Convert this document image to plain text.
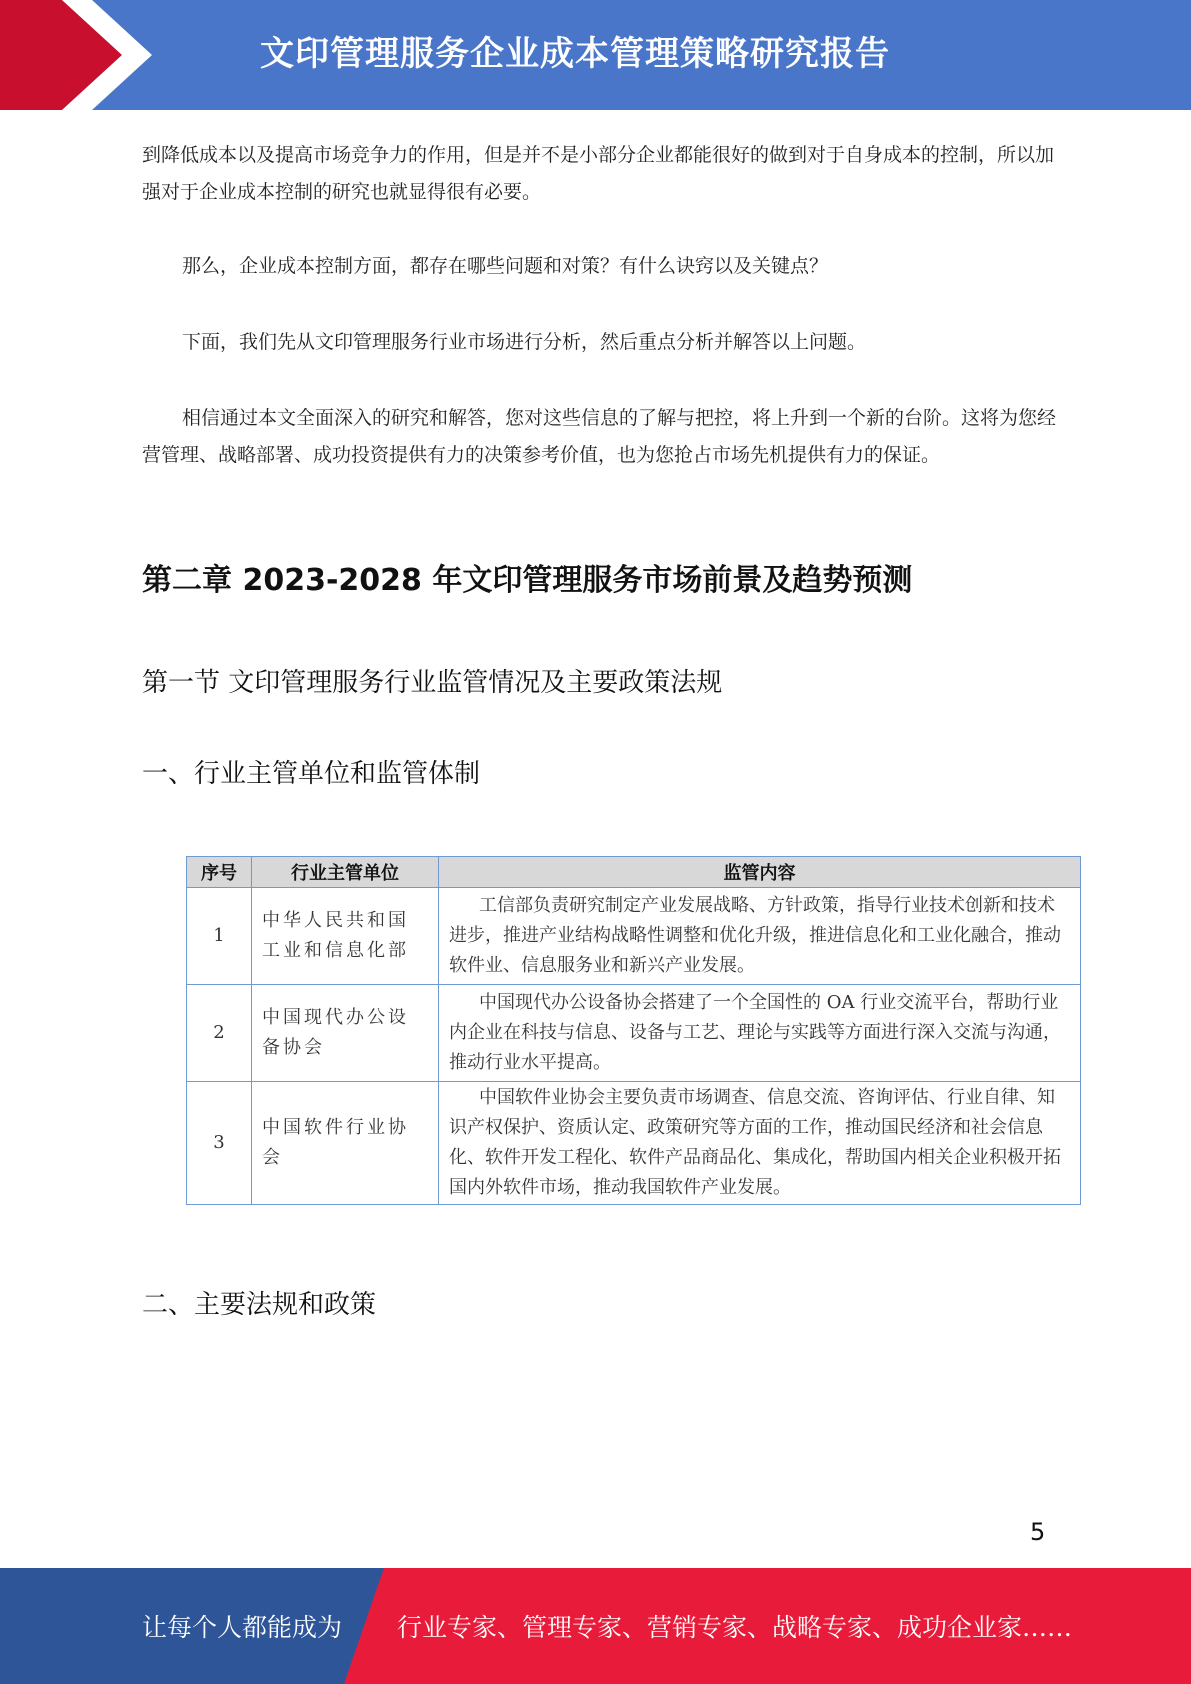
文印管理服务企业成本管理策略研究报告

到降低成本以及提高市场竞争力的作用，但是并不是小部分企业都能很好的做到对于自身成本的控制，所以加强对于企业成本控制的研究也就显得很有必要。

那么，企业成本控制方面，都存在哪些问题和对策？有什么诀窍以及关键点？

下面，我们先从文印管理服务行业市场进行分析，然后重点分析并解答以上问题。

相信通过本文全面深入的研究和解答，您对这些信息的了解与把控，将上升到一个新的台阶。这将为您经营管理、战略部署、成功投资提供有力的决策参考价值，也为您抢占市场先机提供有力的保证。

第二章 2023-2028 年文印管理服务市场前景及趋势预测
第一节 文印管理服务行业监管情况及主要政策法规
一、行业主管单位和监管体制
序号	行业主管单位	监管内容
1	中华人民共和国工业和信息化部	工信部负责研究制定产业发展战略、方针政策，指导行业技术创新和技术进步，推进产业结构战略性调整和优化升级，推进信息化和工业化融合，推动软件业、信息服务业和新兴产业发展。
2	中国现代办公设备协会	中国现代办公设备协会搭建了一个全国性的 OA 行业交流平台，帮助行业内企业在科技与信息、设备与工艺、理论与实践等方面进行深入交流与沟通，推动行业水平提高。
3	中国软件行业协会	中国软件业协会主要负责市场调查、信息交流、咨询评估、行业自律、知识产权保护、资质认定、政策研究等方面的工作，推动国民经济和社会信息化、软件开发工程化、软件产品商品化、集成化，帮助国内相关企业积极开拓国内外软件市场，推动我国软件产业发展。
二、主要法规和政策
5
让每个人都能成为 行业专家、管理专家、营销专家、战略专家、成功企业家……
